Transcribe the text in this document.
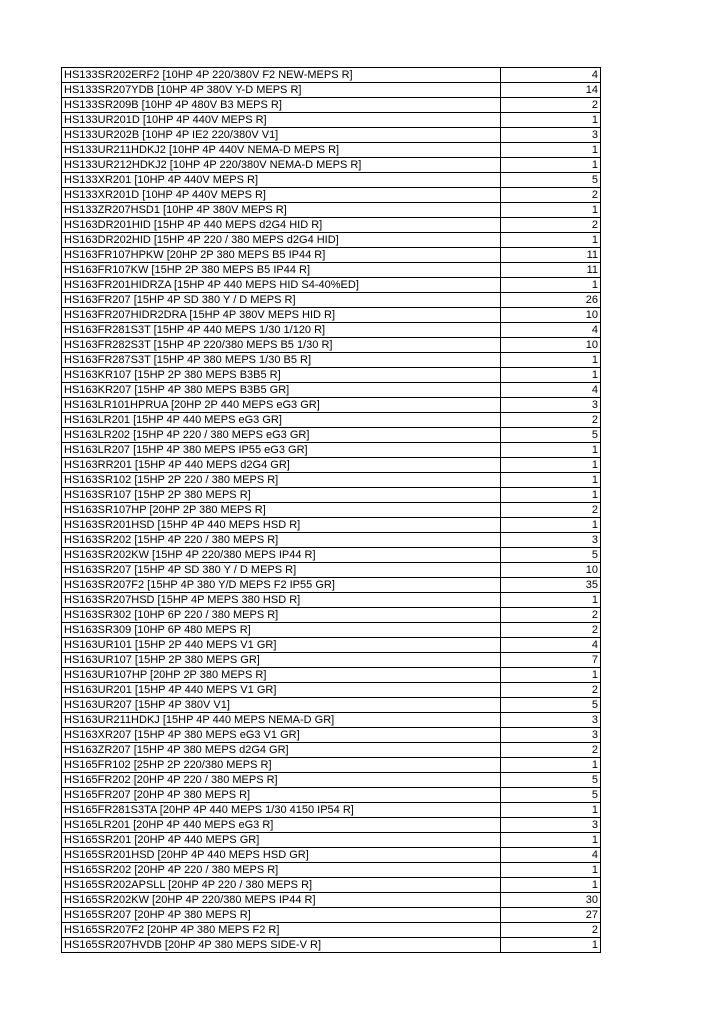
HS133SR202ERF2 [10HP 4P 220/380V F2 NEW-MEPS R]	4
HS133SR207YDB [10HP 4P 380V Y-D MEPS R]	14
HS133SR209B [10HP 4P 480V B3 MEPS R]	2
HS133UR201D [10HP 4P 440V MEPS R]	1
HS133UR202B [10HP 4P IE2 220/380V V1]	3
HS133UR211HDKJ2 [10HP 4P 440V NEMA-D MEPS R]	1
HS133UR212HDKJ2 [10HP 4P 220/380V NEMA-D MEPS R]	1
HS133XR201 [10HP 4P 440V MEPS R]	5
HS133XR201D [10HP 4P 440V MEPS R]	2
HS133ZR207HSD1 [10HP 4P 380V MEPS R]	1
HS163DR201HID [15HP 4P 440 MEPS d2G4 HID R]	2
HS163DR202HID [15HP 4P 220 / 380 MEPS d2G4 HID]	1
HS163FR107HPKW [20HP 2P 380 MEPS B5 IP44 R]	11
HS163FR107KW [15HP 2P 380 MEPS B5 IP44 R]	11
HS163FR201HIDRZA [15HP 4P 440 MEPS HID S4-40%ED]	1
HS163FR207 [15HP 4P SD 380 Y / D MEPS R]	26
HS163FR207HIDR2DRA [15HP 4P 380V MEPS HID R]	10
HS163FR281S3T [15HP 4P 440 MEPS 1/30 1/120 R]	4
HS163FR282S3T [15HP 4P 220/380 MEPS B5 1/30 R]	10
HS163FR287S3T [15HP 4P 380 MEPS 1/30 B5 R]	1
HS163KR107 [15HP 2P 380 MEPS B3B5 R]	1
HS163KR207 [15HP 4P 380 MEPS B3B5 GR]	4
HS163LR101HPRUA [20HP 2P 440 MEPS eG3 GR]	3
HS163LR201 [15HP 4P 440 MEPS eG3 GR]	2
HS163LR202 [15HP 4P 220 / 380 MEPS eG3 GR]	5
HS163LR207 [15HP 4P 380 MEPS IP55 eG3 GR]	1
HS163RR201 [15HP 4P 440 MEPS d2G4 GR]	1
HS163SR102 [15HP 2P 220 / 380 MEPS R]	1
HS163SR107 [15HP 2P 380 MEPS R]	1
HS163SR107HP [20HP 2P 380 MEPS R]	2
HS163SR201HSD [15HP 4P 440 MEPS HSD R]	1
HS163SR202 [15HP 4P 220 / 380 MEPS R]	3
HS163SR202KW [15HP 4P 220/380 MEPS IP44 R]	5
HS163SR207 [15HP 4P SD 380 Y / D MEPS R]	10
HS163SR207F2 [15HP 4P 380 Y/D MEPS F2 IP55 GR]	35
HS163SR207HSD [15HP 4P MEPS 380 HSD R]	1
HS163SR302 [10HP 6P 220 / 380 MEPS R]	2
HS163SR309 [10HP 6P 480 MEPS R]	2
HS163UR101 [15HP 2P 440 MEPS V1 GR]	4
HS163UR107 [15HP 2P 380 MEPS GR]	7
HS163UR107HP [20HP 2P 380 MEPS R]	1
HS163UR201 [15HP 4P 440 MEPS V1 GR]	2
HS163UR207 [15HP 4P 380V V1]	5
HS163UR211HDKJ [15HP 4P 440 MEPS NEMA-D GR]	3
HS163XR207 [15HP 4P 380 MEPS eG3 V1 GR]	3
HS163ZR207 [15HP 4P 380 MEPS d2G4 GR]	2
HS165FR102 [25HP 2P 220/380 MEPS R]	1
HS165FR202 [20HP 4P 220 / 380 MEPS R]	5
HS165FR207 [20HP 4P 380 MEPS R]	5
HS165FR281S3TA [20HP 4P 440 MEPS 1/30 4150 IP54 R]	1
HS165LR201 [20HP 4P 440 MEPS eG3 R]	3
HS165SR201 [20HP 4P 440 MEPS GR]	1
HS165SR201HSD [20HP 4P 440 MEPS HSD GR]	4
HS165SR202 [20HP 4P 220 / 380 MEPS R]	1
HS165SR202APSLL [20HP 4P 220 / 380 MEPS R]	1
HS165SR202KW [20HP 4P 220/380 MEPS IP44 R]	30
HS165SR207 [20HP 4P 380 MEPS R]	27
HS165SR207F2 [20HP 4P 380 MEPS F2 R]	2
HS165SR207HVDB [20HP 4P 380 MEPS SIDE-V R]	1
